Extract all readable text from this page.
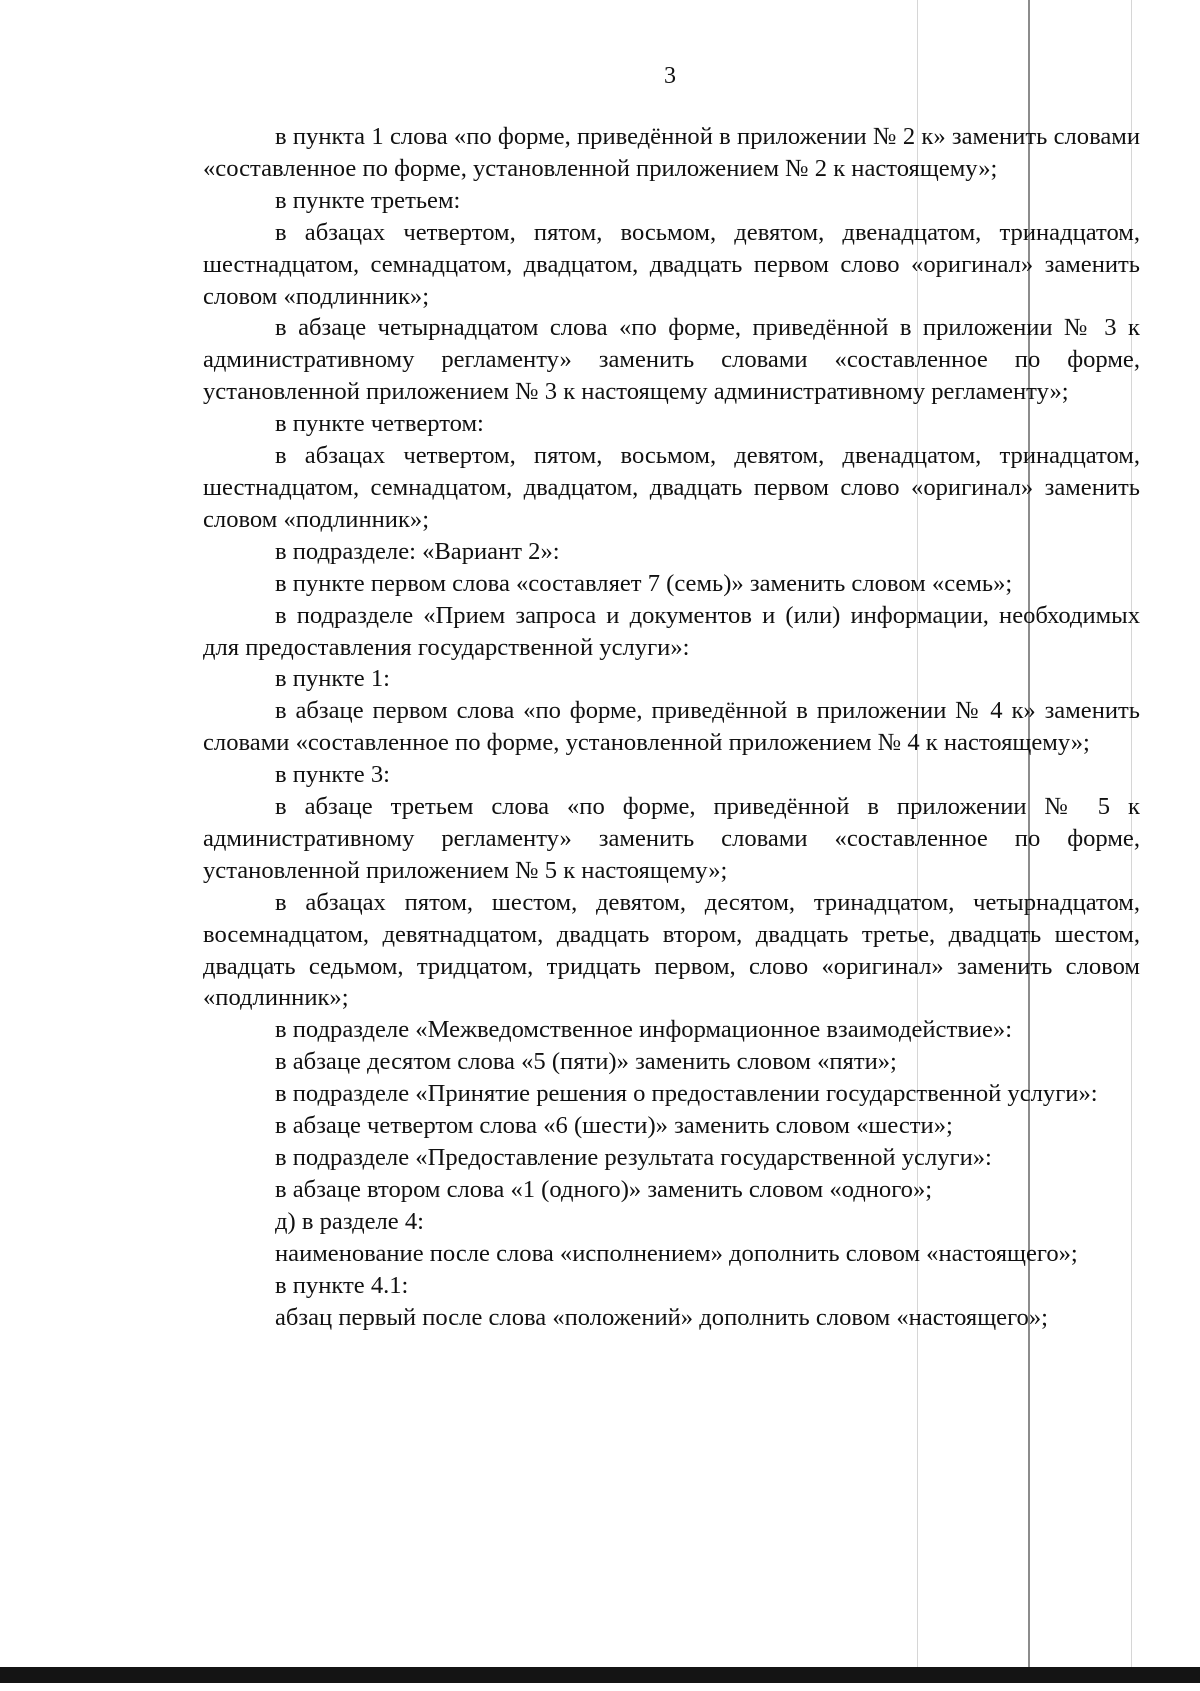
3

в пункта 1 слова «по форме, приведённой в приложении № 2 к» заменить словами «составленное по форме, установленной приложением № 2 к настоящему»;

в пункте третьем:

в абзацах четвертом, пятом, восьмом, девятом, двенадцатом, тринадцатом, шестнадцатом, семнадцатом, двадцатом, двадцать первом слово «оригинал» заменить словом «подлинник»;

в абзаце четырнадцатом слова «по форме, приведённой в приложении № 3 к административному регламенту» заменить словами «составленное по форме, установленной приложением № 3 к настоящему административному регламенту»;

в пункте четвертом:

в абзацах четвертом, пятом, восьмом, девятом, двенадцатом, тринадцатом, шестнадцатом, семнадцатом, двадцатом, двадцать первом слово «оригинал» заменить словом «подлинник»;

в подразделе: «Вариант 2»:

в пункте первом слова «составляет 7 (семь)» заменить словом «семь»;

в подразделе «Прием запроса и документов и (или) информации, необходимых для предоставления государственной услуги»:

в пункте 1:

в абзаце первом слова «по форме, приведённой в приложении № 4 к» заменить словами «составленное по форме, установленной приложением № 4 к настоящему»;

в пункте 3:

в абзаце третьем слова «по форме, приведённой в приложении № 5 к административному регламенту» заменить словами «составленное по форме, установленной приложением № 5 к настоящему»;

в абзацах пятом, шестом, девятом, десятом, тринадцатом, четырнадцатом, восемнадцатом, девятнадцатом, двадцать втором, двадцать третье, двадцать шестом, двадцать седьмом, тридцатом, тридцать первом, слово «оригинал» заменить словом «подлинник»;

в подразделе «Межведомственное информационное взаимодействие»:

в абзаце десятом слова «5 (пяти)» заменить словом «пяти»;

в подразделе «Принятие решения о предоставлении государственной услуги»:

в абзаце четвертом слова «6 (шести)» заменить словом «шести»;

в подразделе «Предоставление результата государственной услуги»:

в абзаце втором слова «1 (одного)» заменить словом «одного»;

д) в разделе 4:

наименование после слова «исполнением» дополнить словом «настоящего»;

в пункте 4.1:

абзац первый после слова «положений» дополнить словом «настоящего»;
